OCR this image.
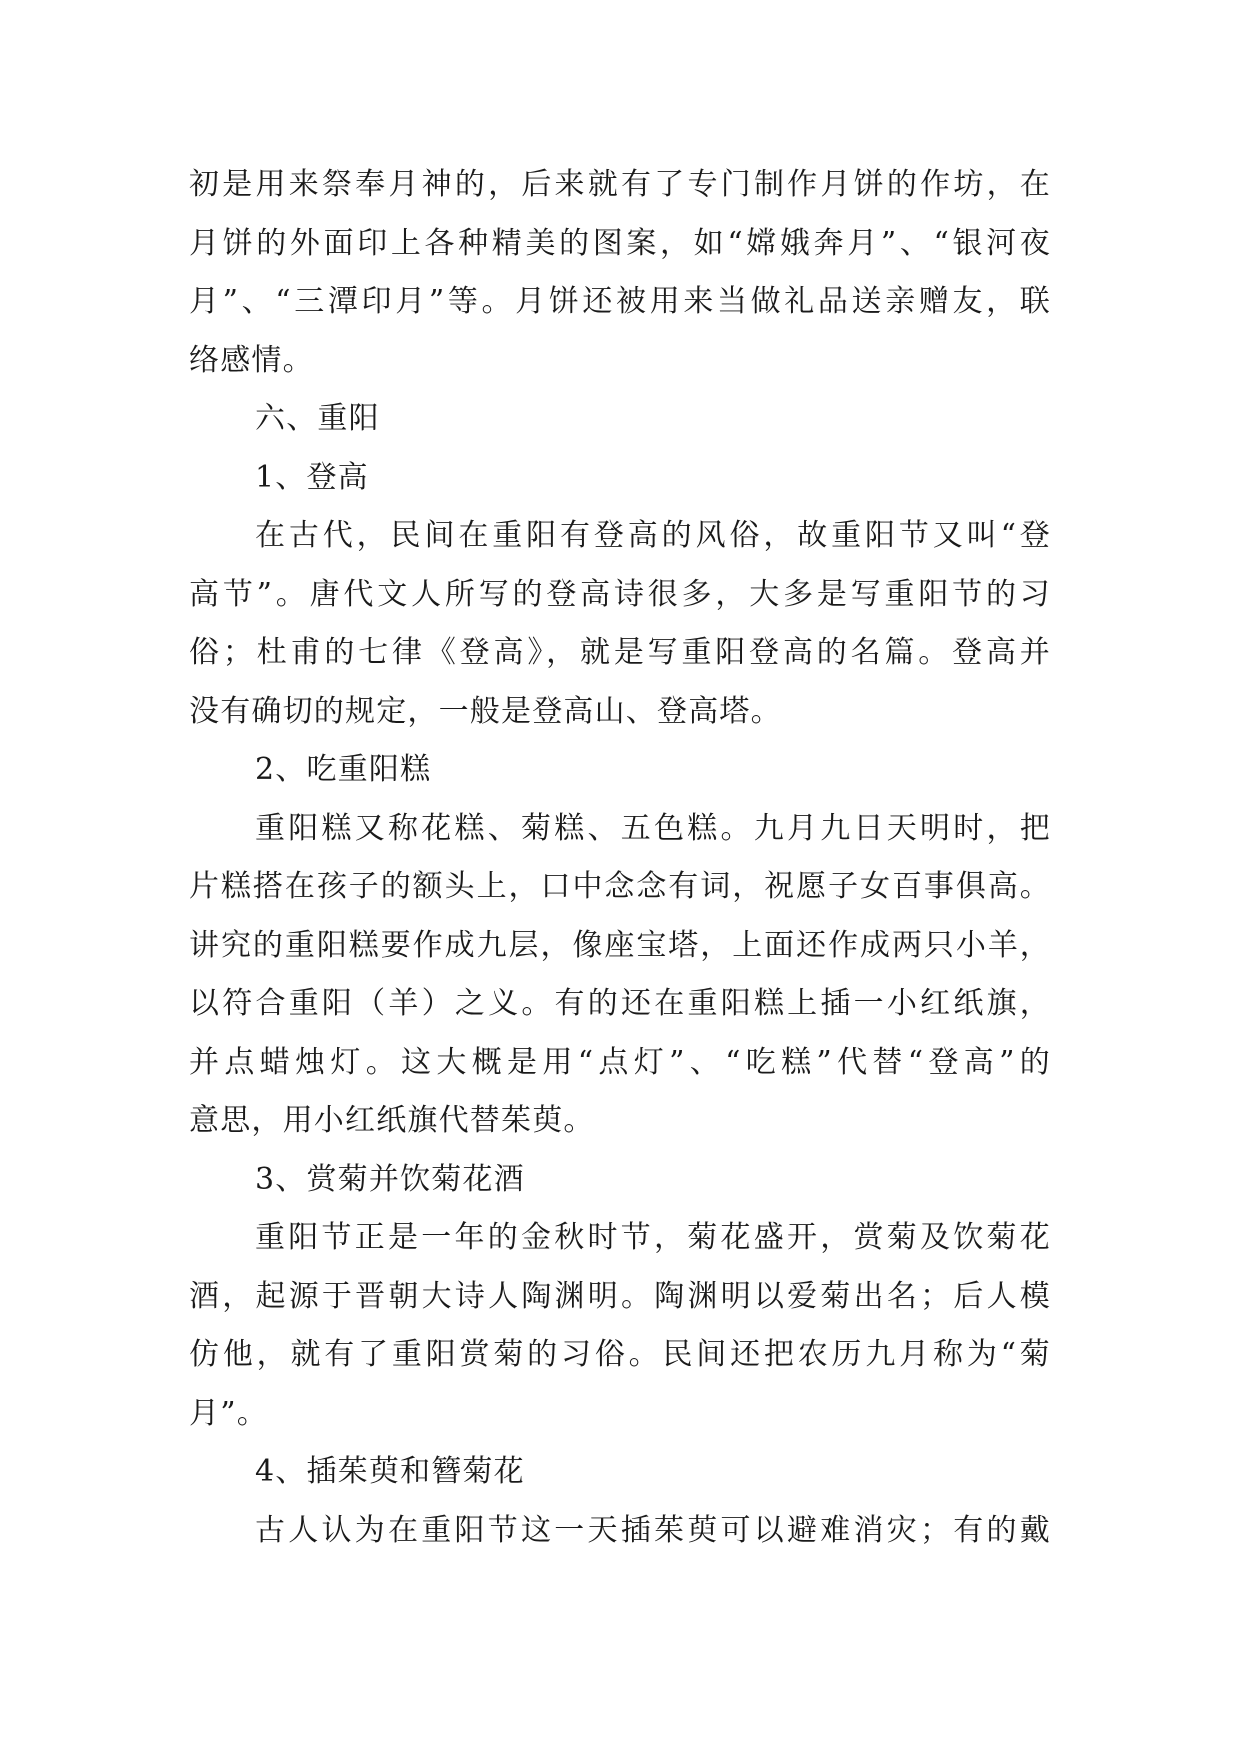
初是用来祭奉月神的，后来就有了专门制作月饼的作坊，在
月饼的外面印上各种精美的图案，如“嫦娥奔月”、“银河夜
月”、“三潭印月”等。月饼还被用来当做礼品送亲赠友，联
络感情。
六、重阳
1、登高
在古代，民间在重阳有登高的风俗，故重阳节又叫“登
高节”。唐代文人所写的登高诗很多，大多是写重阳节的习
俗；杜甫的七律《登高》，就是写重阳登高的名篇。登高并
没有确切的规定，一般是登高山、登高塔。
2、吃重阳糕
重阳糕又称花糕、菊糕、五色糕。九月九日天明时，把
片糕搭在孩子的额头上，口中念念有词，祝愿子女百事俱高。
讲究的重阳糕要作成九层，像座宝塔，上面还作成两只小羊，
以符合重阳（羊）之义。有的还在重阳糕上插一小红纸旗，
并点蜡烛灯。这大概是用“点灯”、“吃糕”代替“登高”的
意思，用小红纸旗代替茱萸。
3、赏菊并饮菊花酒
重阳节正是一年的金秋时节，菊花盛开，赏菊及饮菊花
酒，起源于晋朝大诗人陶渊明。陶渊明以爱菊出名；后人模
仿他，就有了重阳赏菊的习俗。民间还把农历九月称为“菊
月”。
4、插茱萸和簪菊花
古人认为在重阳节这一天插茱萸可以避难消灾；有的戴
